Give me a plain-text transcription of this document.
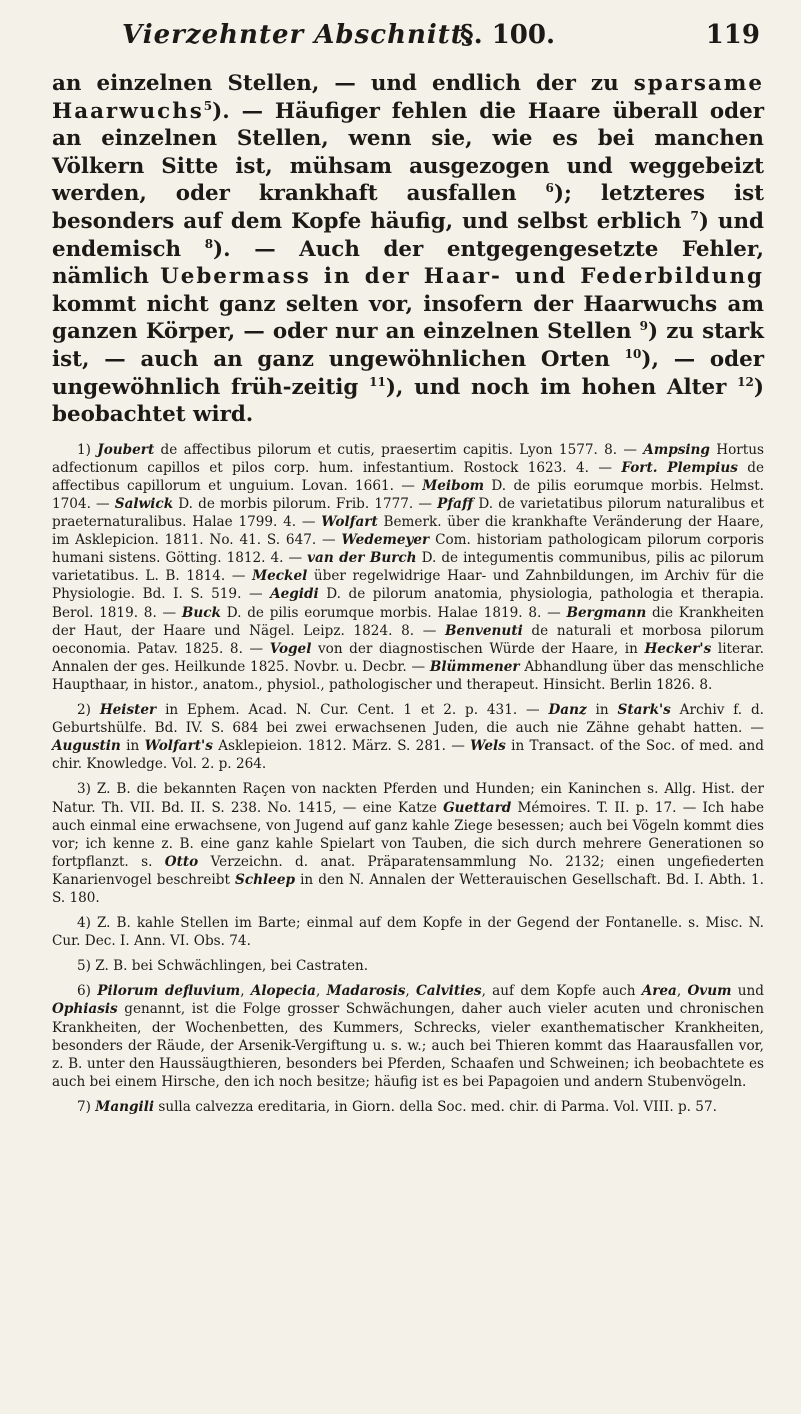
Vierzehnter Abschnitt.
§. 100.	119
an einzelnen Stellen, — und endlich der zu sparsame Haarwuchs$^5$). — Häufiger fehlen die Haare überall oder an einzelnen Stellen, wenn sie, wie es bei manchen Völkern Sitte ist, mühsam ausgezogen und weggebeizt werden, oder krankhaft ausfallen $^6$); letzteres ist besonders auf dem Kopfe häufig, und selbst erblich $^7$) und endemisch $^8$). — Auch der entgegengesetzte Fehler, nämlich Uebermass in der Haar- und Federbildung kommt nicht ganz selten vor, insofern der Haarwuchs am ganzen Körper, — oder nur an einzelnen Stellen $^9$) zu stark ist, — auch an ganz ungewöhnlichen Orten $^{10}$), — oder ungewöhnlich früh-zeitig $^{11}$), und noch im hohen Alter $^{12}$) beobachtet wird.

1) Joubert de affectibus pilorum et cutis, praesertim capitis. Lyon 1577. 8. — Ampsing Hortus adfectionum capillos et pilos corp. hum. infestantium. Rostock 1623. 4. — Fort. Plempius de affectibus capillorum et unguium. Lovan. 1661. — Meibom D. de pilis eorumque morbis. Helmst. 1704. — Salwick D. de morbis pilorum. Frib. 1777. — Pfaff D. de varietatibus pilorum naturalibus et praeternaturalibus. Halae 1799. 4. — Wolfart Bemerk. über die krankhafte Veränderung der Haare, im Asklepicion. 1811. No. 41. S. 647. — Wedemeyer Com. historiam pathologicam pilorum corporis humani sistens. Götting. 1812. 4. — van der Burch D. de integumentis communibus, pilis ac pilorum varietatibus. L. B. 1814. — Meckel über regelwidrige Haar- und Zahnbildungen, im Archiv für die Physiologie. Bd. I. S. 519. — Aegidi D. de pilorum anatomia, physiologia, pathologia et therapia. Berol. 1819. 8. — Buck D. de pilis eorumque morbis. Halae 1819. 8. — Bergmann die Krankheiten der Haut, der Haare und Nägel. Leipz. 1824. 8. — Benvenuti de naturali et morbosa pilorum oeconomia. Patav. 1825. 8. — Vogel von der diagnostischen Würde der Haare, in Hecker's literar. Annalen der ges. Heilkunde 1825. Novbr. u. Decbr. — Blümmener Abhandlung über das menschliche Haupthaar, in histor., anatom., physiol., pathologischer und therapeut. Hinsicht. Berlin 1826. 8.

2) Heister in Ephem. Acad. N. Cur. Cent. 1 et 2. p. 431. — Danz in Stark's Archiv f. d. Geburtshülfe. Bd. IV. S. 684 bei zwei erwachsenen Juden, die auch nie Zähne gehabt hatten. — Augustin in Wolfart's Asklepieion. 1812. März. S. 281. — Wels in Transact. of the Soc. of med. and chir. Knowledge. Vol. 2. p. 264.

3) Z. B. die bekannten Raçen von nackten Pferden und Hunden; ein Kaninchen s. Allg. Hist. der Natur. Th. VII. Bd. II. S. 238. No. 1415, — eine Katze Guettard Mémoires. T. II. p. 17. — Ich habe auch einmal eine erwachsene, von Jugend auf ganz kahle Ziege besessen; auch bei Vögeln kommt dies vor; ich kenne z. B. eine ganz kahle Spielart von Tauben, die sich durch mehrere Generationen so fortpflanzt. s. Otto Verzeichn. d. anat. Präparatensammlung No. 2132; einen ungefiederten Kanarienvogel beschreibt Schleep in den N. Annalen der Wetterauischen Gesellschaft. Bd. I. Abth. 1. S. 180.

4) Z. B. kahle Stellen im Barte; einmal auf dem Kopfe in der Gegend der Fontanelle. s. Misc. N. Cur. Dec. I. Ann. VI. Obs. 74.

5) Z. B. bei Schwächlingen, bei Castraten.

6) Pilorum defluvium, Alopecia, Madarosis, Calvities, auf dem Kopfe auch Area, Ovum und Ophiasis genannt, ist die Folge grosser Schwächungen, daher auch vieler acuten und chronischen Krankheiten, der Wochenbetten, des Kummers, Schrecks, vieler exanthematischer Krankheiten, besonders der Räude, der Arsenik-Vergiftung u. s. w.; auch bei Thieren kommt das Haarausfallen vor, z. B. unter den Haussäugthieren, besonders bei Pferden, Schaafen und Schweinen; ich beobachtete es auch bei einem Hirsche, den ich noch besitze; häufig ist es bei Papagoien und andern Stubenvögeln.

7) Mangili sulla calvezza ereditaria, in Giorn. della Soc. med. chir. di Parma. Vol. VIII. p. 57.
